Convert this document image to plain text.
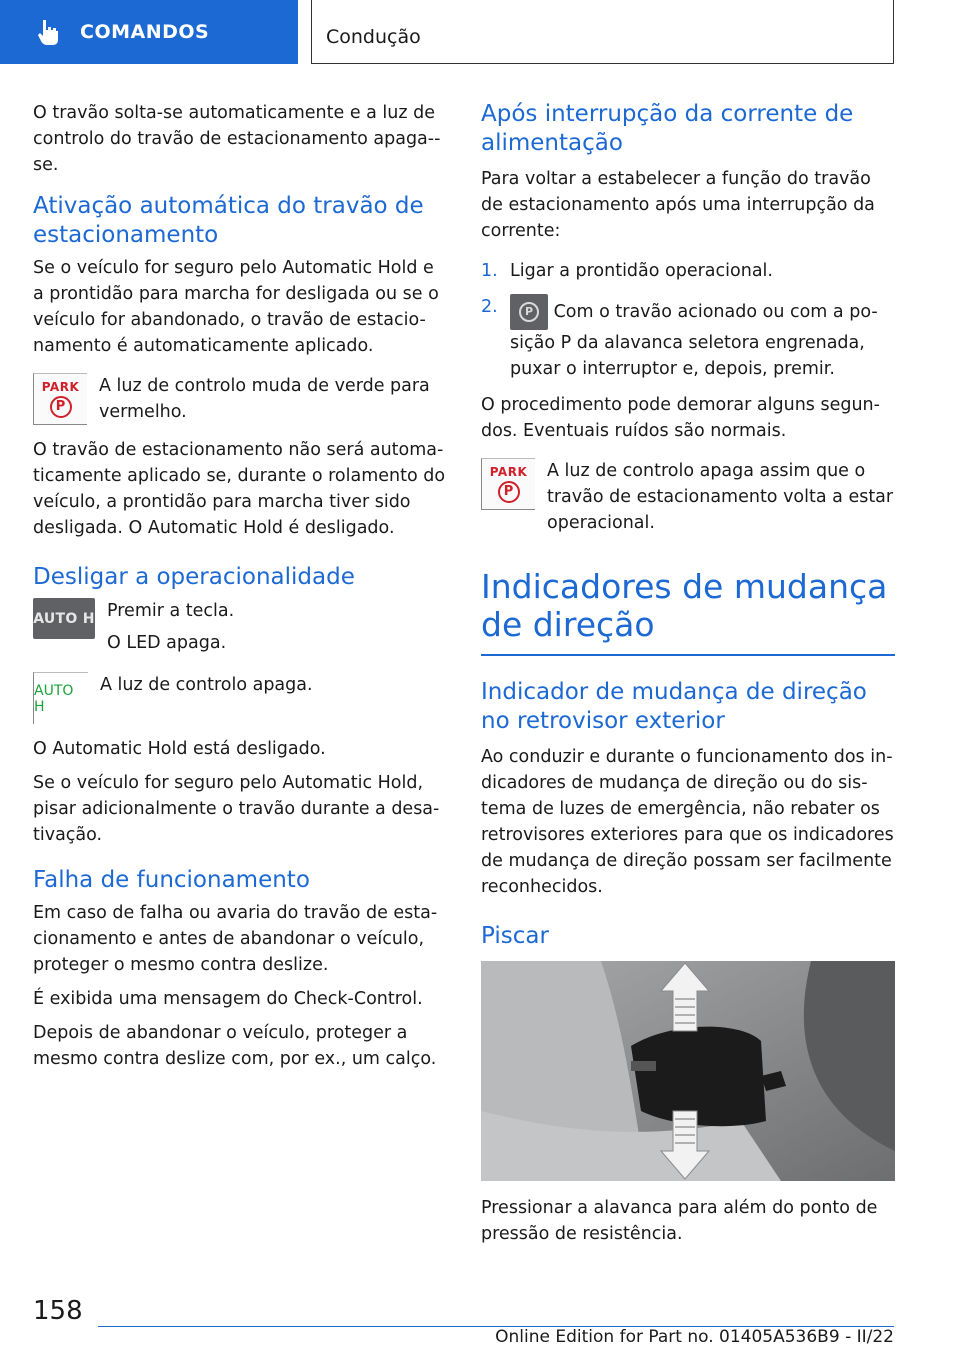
COMANDOS	Condução

O travão solta-se automaticamente e a luz de controlo do travão de estacionamento apaga--se.

Ativação automática do travão de estacionamento

Se o veículo for seguro pelo Automatic Hold e a prontidão para marcha for desligada ou se o veículo for abandonado, o travão de estacio-namento é automaticamente aplicado.

PARK
P

A luz de controlo muda de verde para vermelho.

O travão de estacionamento não será automa-ticamente aplicado se, durante o rolamento do veículo, a prontidão para marcha tiver sido desligada. O Automatic Hold é desligado.

Desligar a operacionalidade
AUTO H Premir a tecla.

O LED apaga.

AUTO H

A luz de controlo apaga.

O Automatic Hold está desligado.

Se o veículo for seguro pelo Automatic Hold, pisar adicionalmente o travão durante a desa-tivação.

Falha de funcionamento

Em caso de falha ou avaria do travão de esta-cionamento e antes de abandonar o veículo, proteger o mesmo contra deslize.

É exibida uma mensagem do Check-Control.

Depois de abandonar o veículo, proteger a mesmo contra deslize com, por ex., um calço.

Após interrupção da corrente de alimentação

Para voltar a estabelecer a função do travão de estacionamento após uma interrupção da corrente:

1. Ligar a prontidão operacional.
2.	P	Com o travão acionado ou com a po-sição P da alavanca seletora engrenada, puxar o interruptor e, depois, premir.

O procedimento pode demorar alguns segun-dos. Eventuais ruídos são normais.

PARK
P

A luz de controlo apaga assim que o travão de estacionamento volta a estar operacional.

Indicadores de mudança de direção
Indicador de mudança de direção no retrovisor exterior

Ao conduzir e durante o funcionamento dos in-dicadores de mudança de direção ou do sis-tema de luzes de emergência, não rebater os retrovisores exteriores para que os indicadores de mudança de direção possam ser facilmente reconhecidos.

Piscar

Pressionar a alavanca para além do ponto de pressão de resistência.

158
Online Edition for Part no. 01405A536B9 - II/22
